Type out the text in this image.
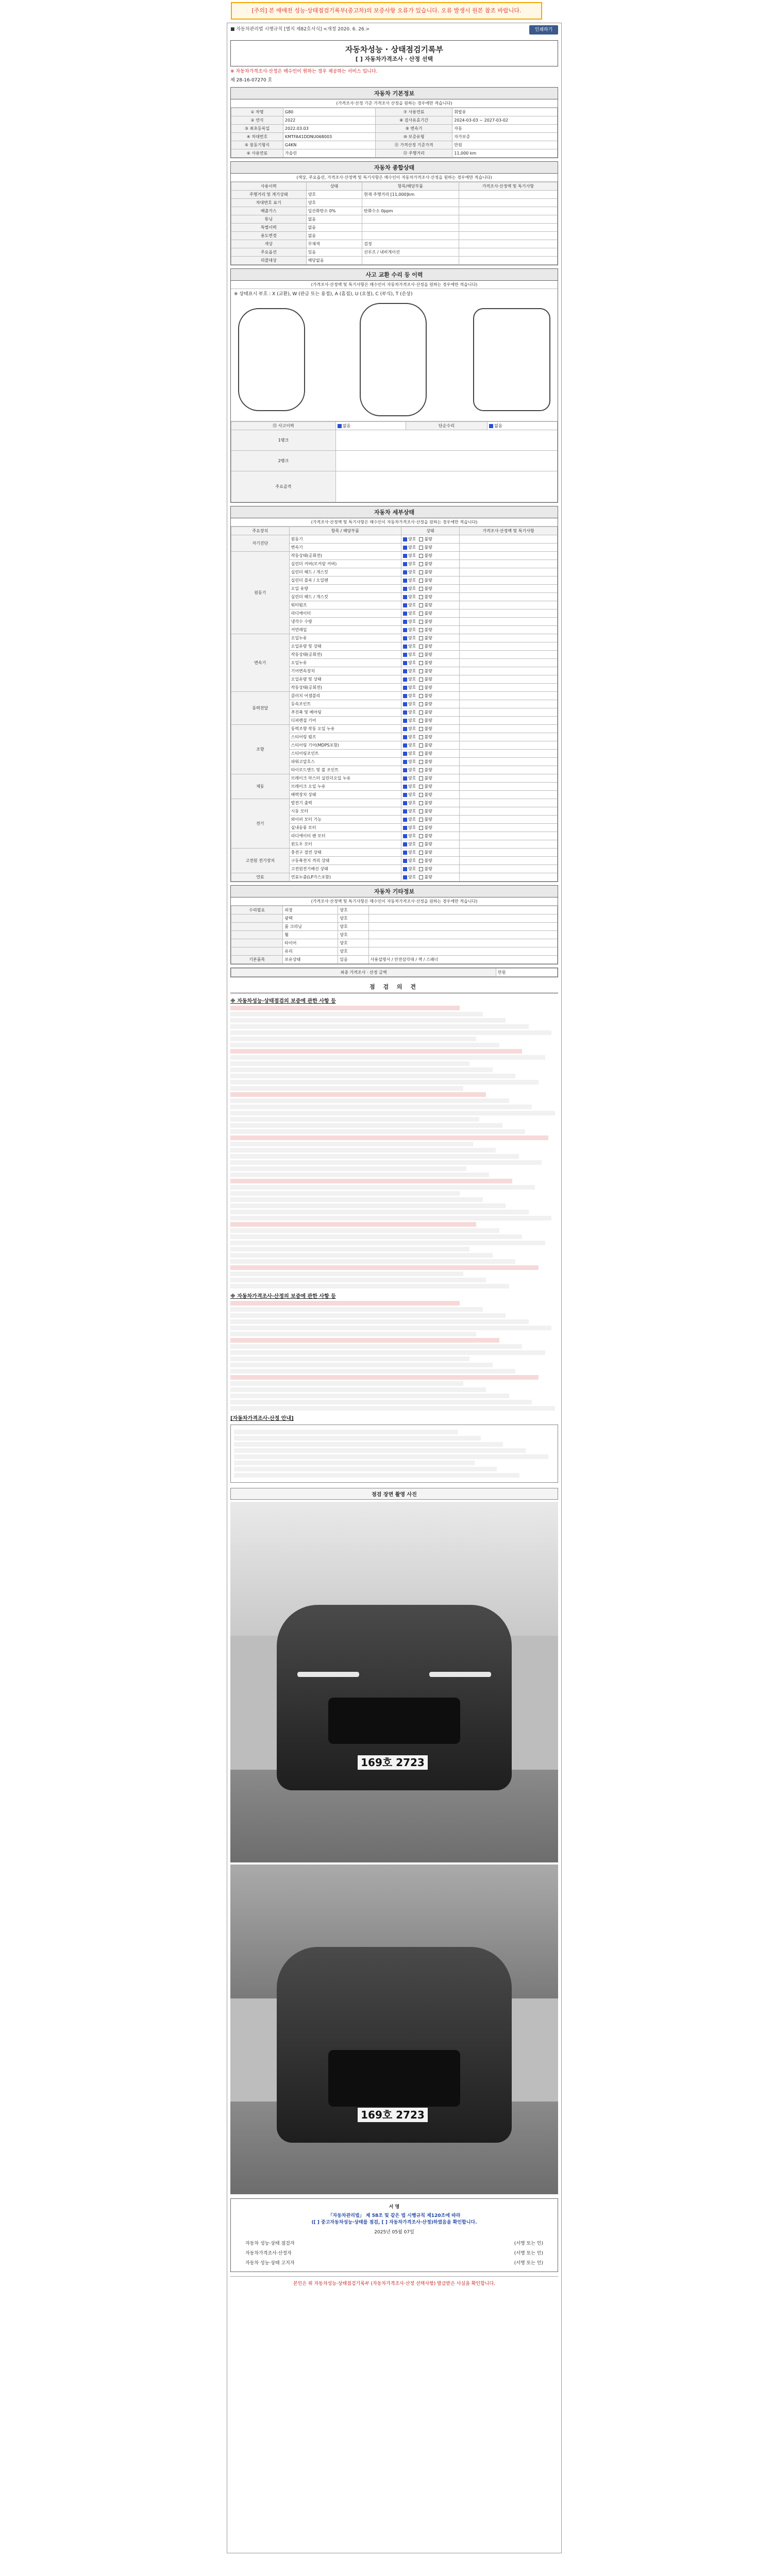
[주의] 본 매매전 성능·상태점검기록부(중고차)의 보증사항 오류가 있습니다. 오류 발생시 원본 참조 바랍니다.
■ 자동차관리법 시행규칙 [별지 제82호서식] <개정 2020. 6. 26.>	인쇄하기
자동차성능 · 상태점검기록부
[ ] 자동차가격조사 · 산정 선택
※ 자동차가격조사·산정은 매수인이 원하는 경우 제공하는 서비스 입니다.
제 28-16-07270 호
자동차 기본정보
(가격조사·산정 기준 가격조사 산정을 원하는 경우에만 적습니다)
① 차명	G80	⑦ 사용연료	휘발유
② 연식	2022	⑧ 검사유효기간	2024-03-03 ~ 2027-03-02
③ 최초등록일	2022.03.03	⑨ 변속기	자동
④ 차대번호	KMTFA41DDNU068003	⑩ 보증유형	자가보증
⑤ 원동기형식	G4KN	⑪ 가격산정 기준가격	만원
⑥ 사용연료	가솔린	⑫ 주행거리	11,000 km
자동차 종합상태
(색상, 주요옵션, 가격조사·산정액 및 특기사항은 매수인이 자동차가격조사·산정을 원하는 경우에만 적습니다)
사용이력	상태	항목/해당부품	가격조사·산정액 및 특기사항
주행거리 및 계기상태	양호	현재 주행거리 [11,000]km	
차대번호 표기	양호		
배출가스	일산화탄소 0%	탄화수소 0ppm	
튜닝	없음		
특별이력	없음		
용도변경	없음		
색상	무채색	검정	
주요옵션	있음	선루프 / 내비게이션	
리콜대상	해당없음		
사고 교환 수리 등 이력
(가격조사·산정액 및 특기사항은 매수인이 자동차가격조사·산정을 원하는 경우에만 적습니다)
※ 상태표시 부호 : X (교환), W (판금 또는 용접), A (흠집), U (요철), C (부식), T (손상)
⑬ 사고이력	없음	단순수리	없음
1랭크			
2랭크			
주요골격			
자동차 세부상태
(가격조사·산정액 및 특기사항은 매수인이 자동차가격조사·산정을 원하는 경우에만 적습니다)
주요장치	항목 / 해당부품	상태	가격조사·산정액 및 특기사항
자기진단	원동기	양호 불량	
	변속기	양호 불량	
원동기	작동상태(공회전)	양호 불량	
	실린더 커버(로커암 커버)	양호 불량	
	실린더 헤드 / 개스킷	양호 불량	
	실린더 블록 / 오일팬	양호 불량	
	오일 유량	양호 불량	
	실린더 헤드 / 개스킷	양호 불량	
	워터펌프	양호 불량	
	라디에이터	양호 불량	
	냉각수 수량	양호 불량	
	커먼레일	양호 불량	
변속기	오일누유	양호 불량	
	오일유량 및 상태	양호 불량	
	작동상태(공회전)	양호 불량	
	오일누유	양호 불량	
	기어변속장치	양호 불량	
	오일유량 및 상태	양호 불량	
	작동상태(공회전)	양호 불량	
동력전달	클러치 어셈블리	양호 불량	
	등속조인트	양호 불량	
	추진축 및 베어링	양호 불량	
	디퍼렌셜 기어	양호 불량	
조향	동력조향 작동 오일 누유	양호 불량	
	스티어링 펌프	양호 불량	
	스티어링 기어(MDPS포함)	양호 불량	
	스티어링조인트	양호 불량	
	파워고압호스	양호 불량	
	타이로드엔드 및 볼 조인트	양호 불량	
제동	브레이크 마스터 실린더오일 누유	양호 불량	
	브레이크 오일 누유	양호 불량	
	배력장치 상태	양호 불량	
전기	발전기 출력	양호 불량	
	시동 모터	양호 불량	
	와이퍼 모터 기능	양호 불량	
	실내송풍 모터	양호 불량	
	라디에이터 팬 모터	양호 불량	
	윈도우 모터	양호 불량	
고전원 전기장치	충전구 절연 상태	양호 불량	
	구동축전지 격리 상태	양호 불량	
	고전원전기배선 상태	양호 불량	
연료	연료누출(LP가스포함)	양호 불량	
자동차 기타정보
(가격조사·산정액 및 특기사항은 매수인이 자동차가격조사·산정을 원하는 경우에만 적습니다)
수리필요	외장	양호	
	광택	양호	
	룸 크리닝	양호	
	휠	양호	
	타이어	양호	
	유리	양호	
기본품목	보유상태	있음	사용설명서 / 안전삼각대 / 잭 / 스패너
최종 가격조사 · 산정 금액	만원
점 검 의 견
※ 자동차성능·상태점검의 보증에 관한 사항 등
※ 자동차가격조사·산정의 보증에 관한 사항 등
[자동차가격조사·산정 안내]
점검 장면 촬영 사진
169호 2723
169호 2723
서 명
「자동차관리법」 제 58조 및 같은 법 시행규칙 제120조에 따라
([ ] 중고자동차성능·상태를 점검, [ ] 자동차가격조사·산정)하였음을 확인합니다.
2025년 05월 07일
자동차 성능·상태 점검자	(서명 또는 인)
자동차가격조사·산정자	(서명 또는 인)
자동차 성능·상태 고지자	(서명 또는 인)
본인은 위 자동차성능·상태점검기록부 (자동차가격조사·산정 선택사항) 발급받은 사실을 확인합니다.
